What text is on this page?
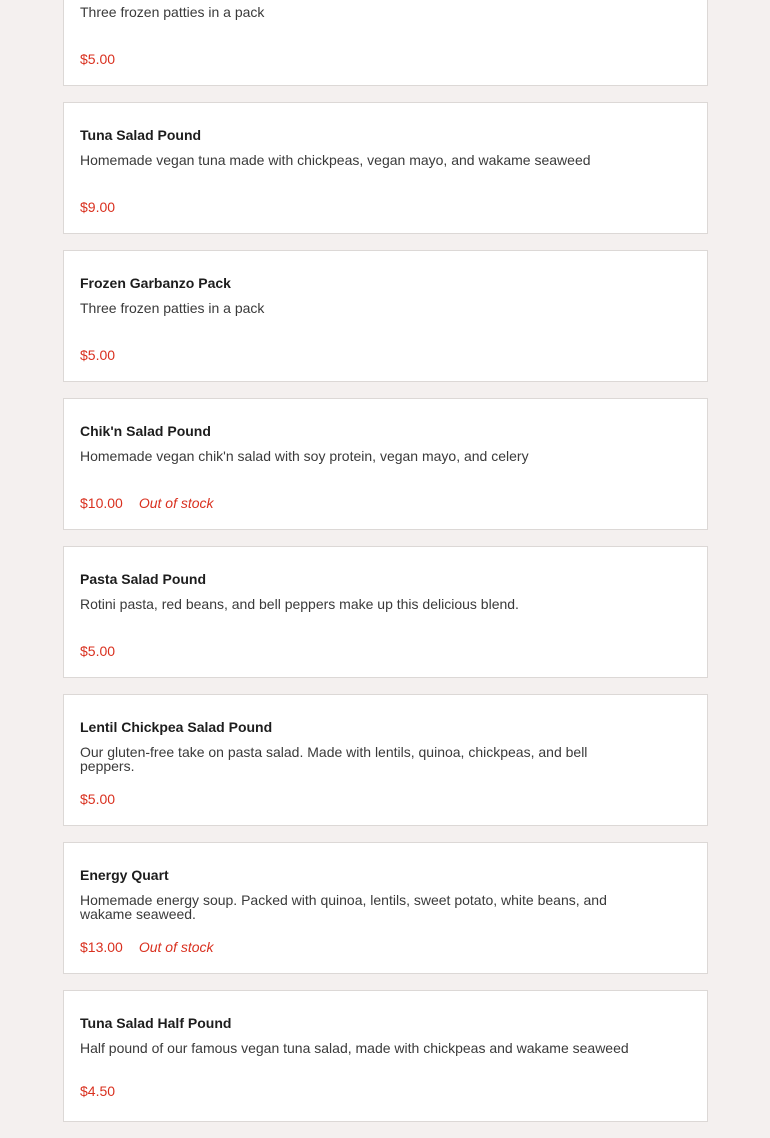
Three frozen patties in a pack
$5.00
Tuna Salad Pound
Homemade vegan tuna made with chickpeas, vegan mayo, and wakame seaweed
$9.00
Frozen Garbanzo Pack
Three frozen patties in a pack
$5.00
Chik'n Salad Pound
Homemade vegan chik'n salad with soy protein, vegan mayo, and celery
$10.00 Out of stock
Pasta Salad Pound
Rotini pasta, red beans, and bell peppers make up this delicious blend.
$5.00
Lentil Chickpea Salad Pound
Our gluten-free take on pasta salad. Made with lentils, quinoa, chickpeas, and bell peppers.
$5.00
Energy Quart
Homemade energy soup. Packed with quinoa, lentils, sweet potato, white beans, and wakame seaweed.
$13.00 Out of stock
Tuna Salad Half Pound
Half pound of our famous vegan tuna salad, made with chickpeas and wakame seaweed
$4.50
